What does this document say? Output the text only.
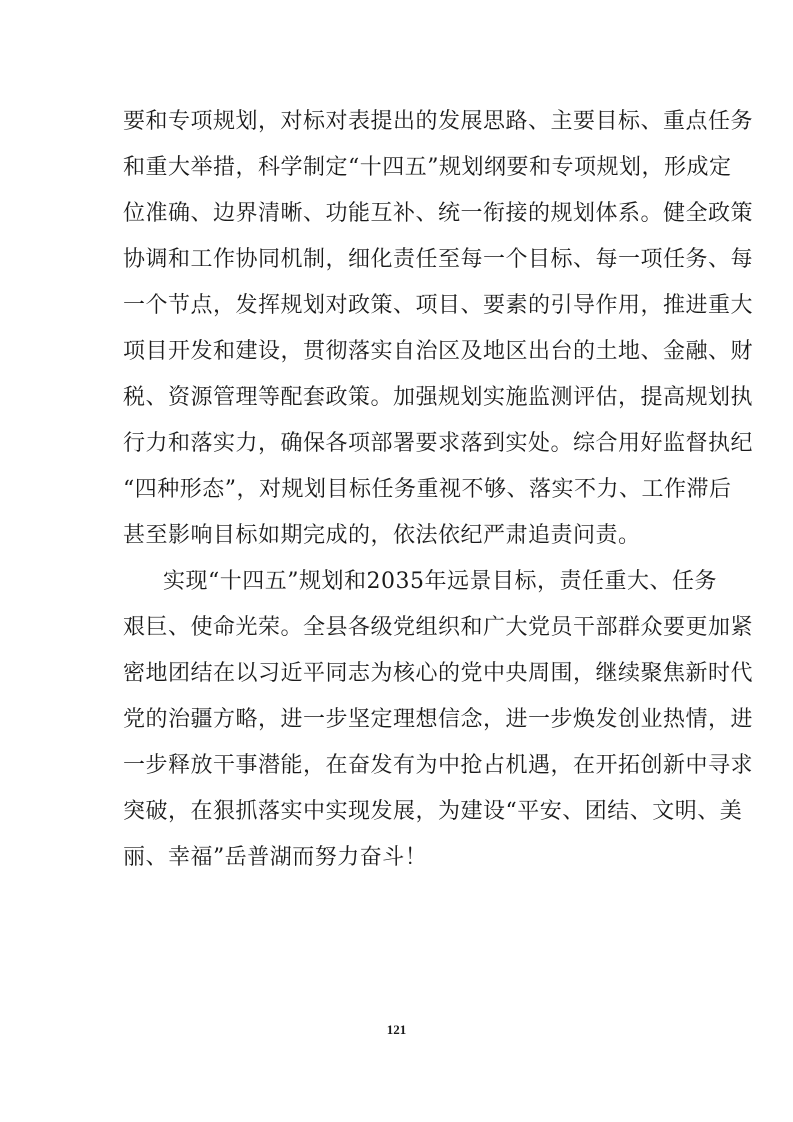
要和专项规划，对标对表提出的发展思路、主要目标、重点任务
和重大举措，科学制定“十四五”规划纲要和专项规划，形成定
位准确、边界清晰、功能互补、统一衔接的规划体系。健全政策
协调和工作协同机制，细化责任至每一个目标、每一项任务、每
一个节点，发挥规划对政策、项目、要素的引导作用，推进重大
项目开发和建设，贯彻落实自治区及地区出台的土地、金融、财
税、资源管理等配套政策。加强规划实施监测评估，提高规划执
行力和落实力，确保各项部署要求落到实处。综合用好监督执纪
“四种形态”，对规划目标任务重视不够、落实不力、工作滞后
甚至影响目标如期完成的，依法依纪严肃追责问责。
实现“十四五”规划和2035年远景目标，责任重大、任务
艰巨、使命光荣。全县各级党组织和广大党员干部群众要更加紧
密地团结在以习近平同志为核心的党中央周围，继续聚焦新时代
党的治疆方略，进一步坚定理想信念，进一步焕发创业热情，进
一步释放干事潜能，在奋发有为中抢占机遇，在开拓创新中寻求
突破，在狠抓落实中实现发展，为建设“平安、团结、文明、美
丽、幸福”岳普湖而努力奋斗！
121
